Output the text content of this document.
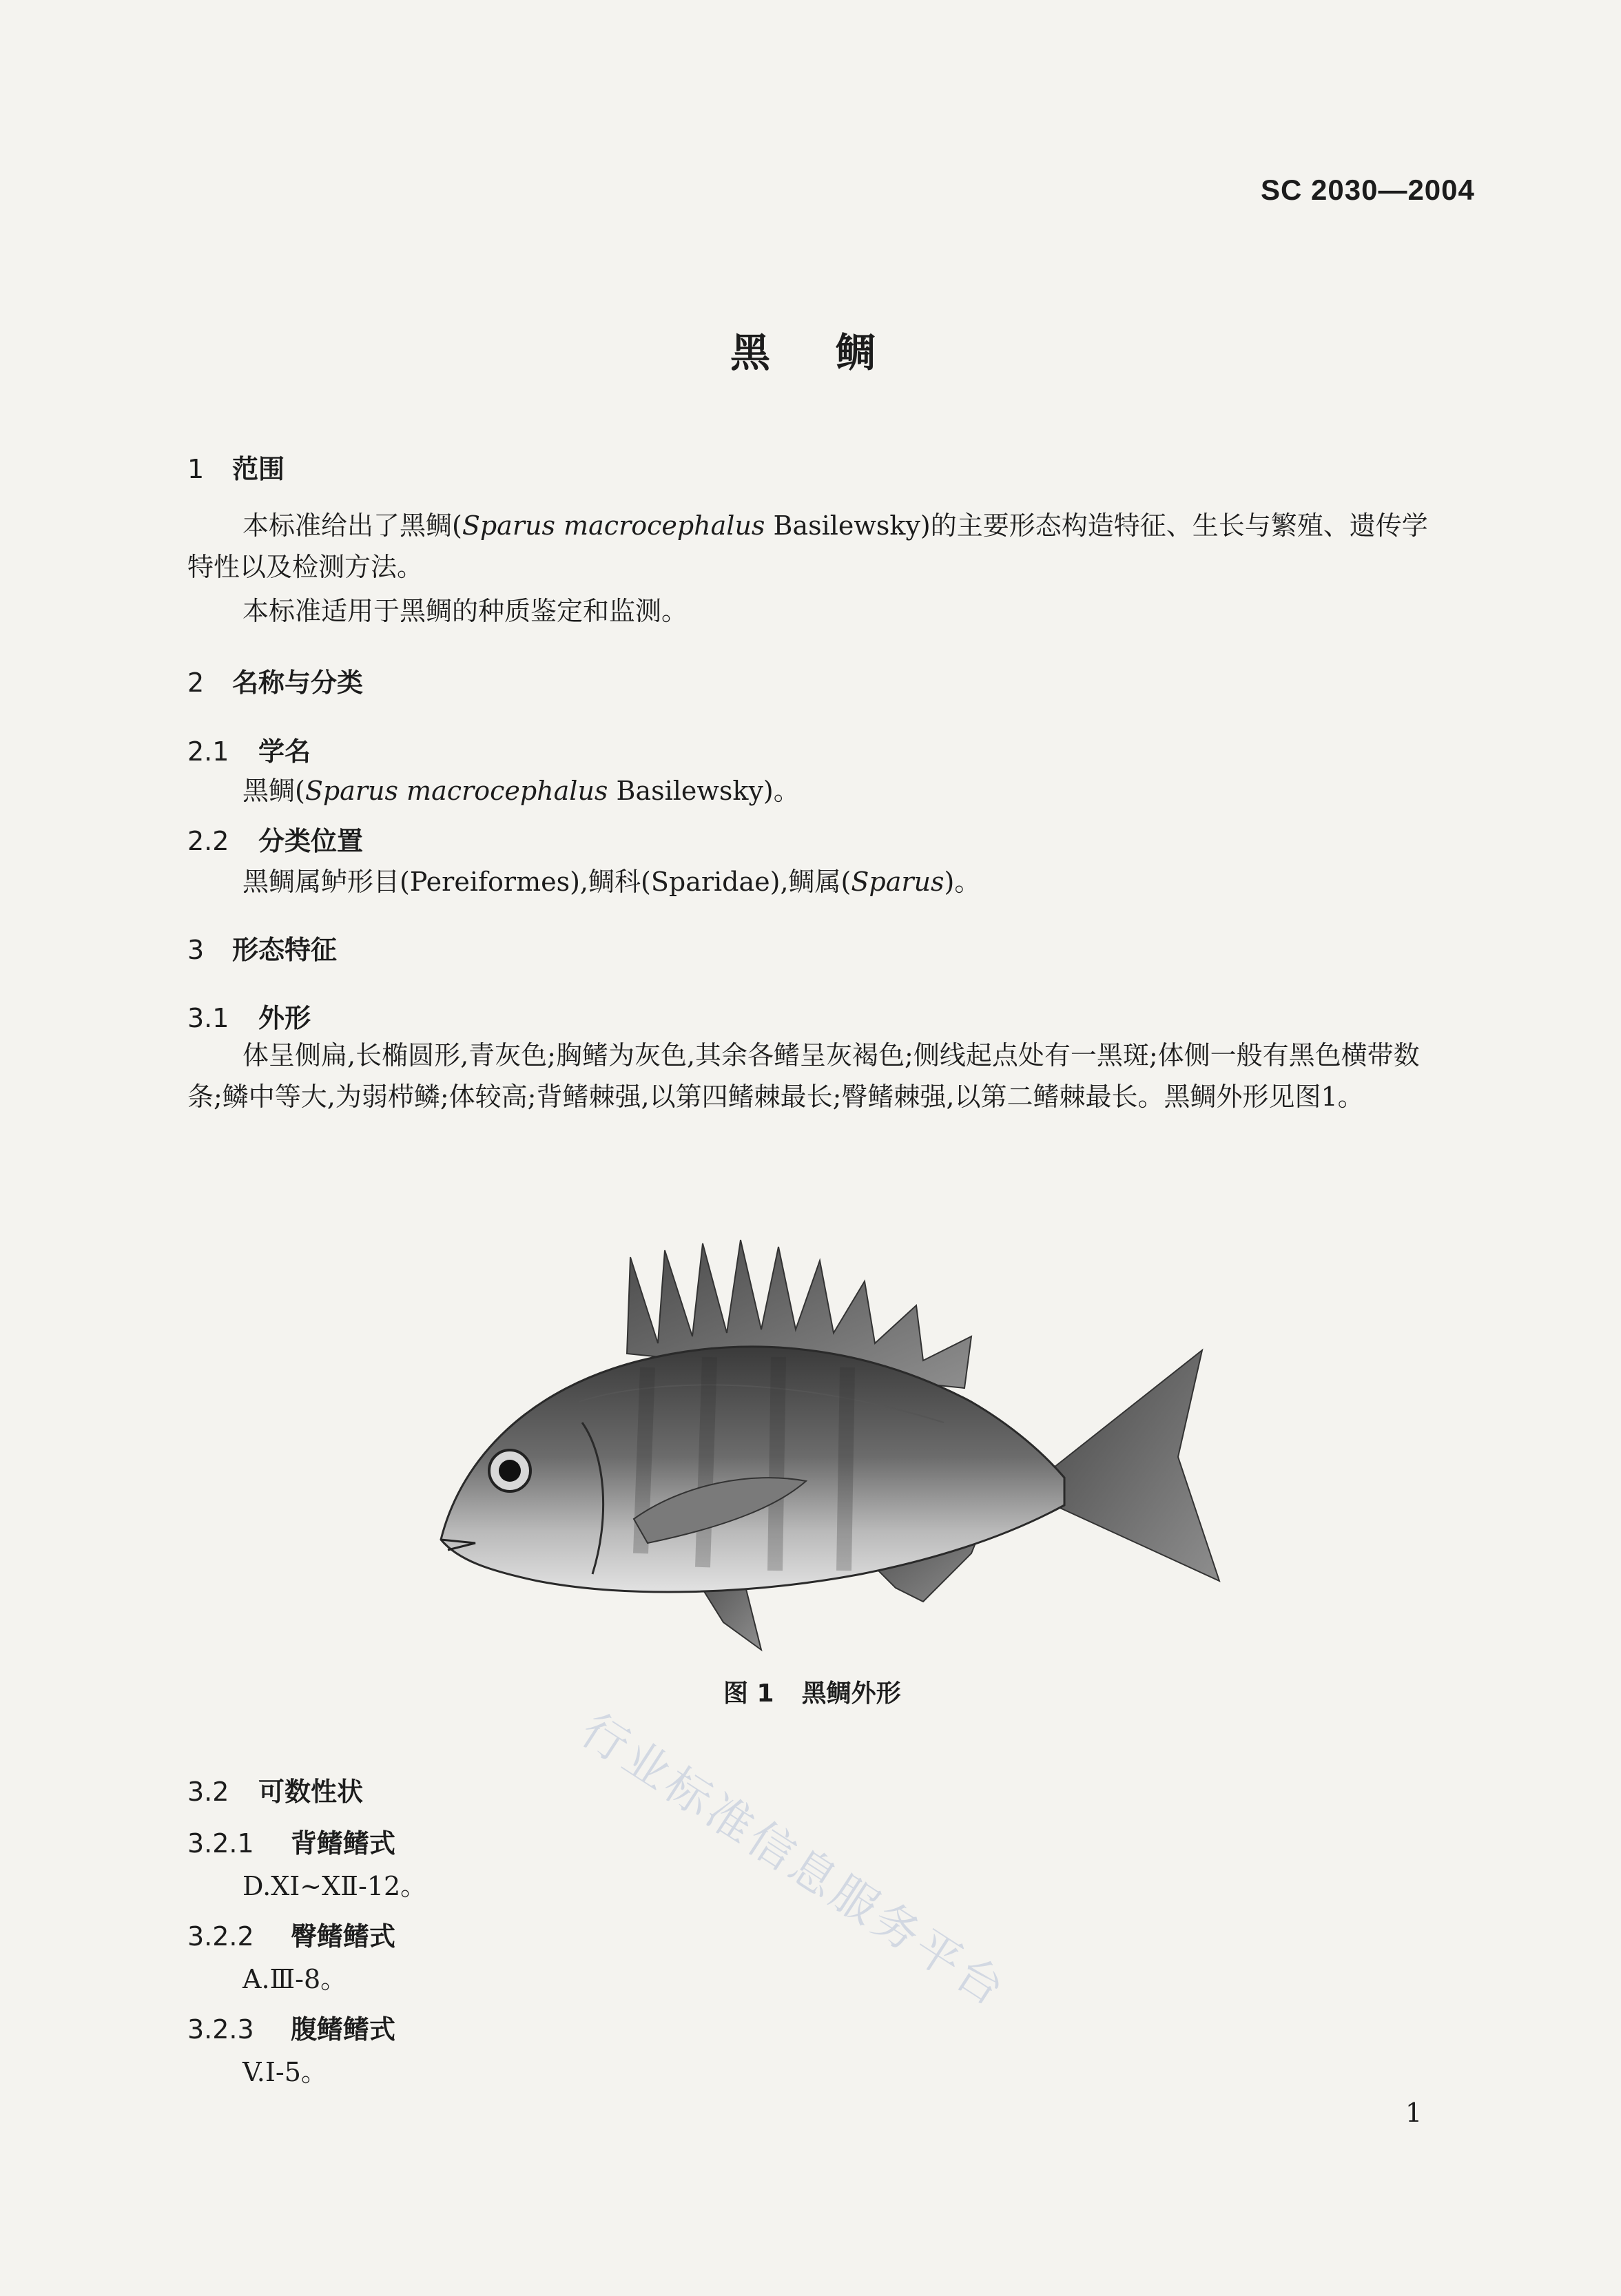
SC 2030—2004
黑鲷
1 范围
本标准给出了黑鲷(Sparus macrocephalus Basilewsky)的主要形态构造特征、生长与繁殖、遗传学特性以及检测方法。
本标准适用于黑鲷的种质鉴定和监测。
2 名称与分类
2.1 学名
黑鲷(Sparus macrocephalus Basilewsky)。
2.2 分类位置
黑鲷属鲈形目(Pereiformes),鲷科(Sparidae),鲷属(Sparus)。
3 形态特征
3.1 外形
体呈侧扁,长椭圆形,青灰色;胸鳍为灰色,其余各鳍呈灰褐色;侧线起点处有一黑斑;体侧一般有黑色横带数条;鳞中等大,为弱栉鳞;体较高;背鳍棘强,以第四鳍棘最长;臀鳍棘强,以第二鳍棘最长。黑鲷外形见图1。
图 1 黑鲷外形
行业标准信息服务平台
3.2 可数性状
3.2.1 背鳍鳍式
D.XⅠ~XⅡ-12。
3.2.2 臀鳍鳍式
A.Ⅲ-8。
3.2.3 腹鳍鳍式
V.Ⅰ-5。
1
